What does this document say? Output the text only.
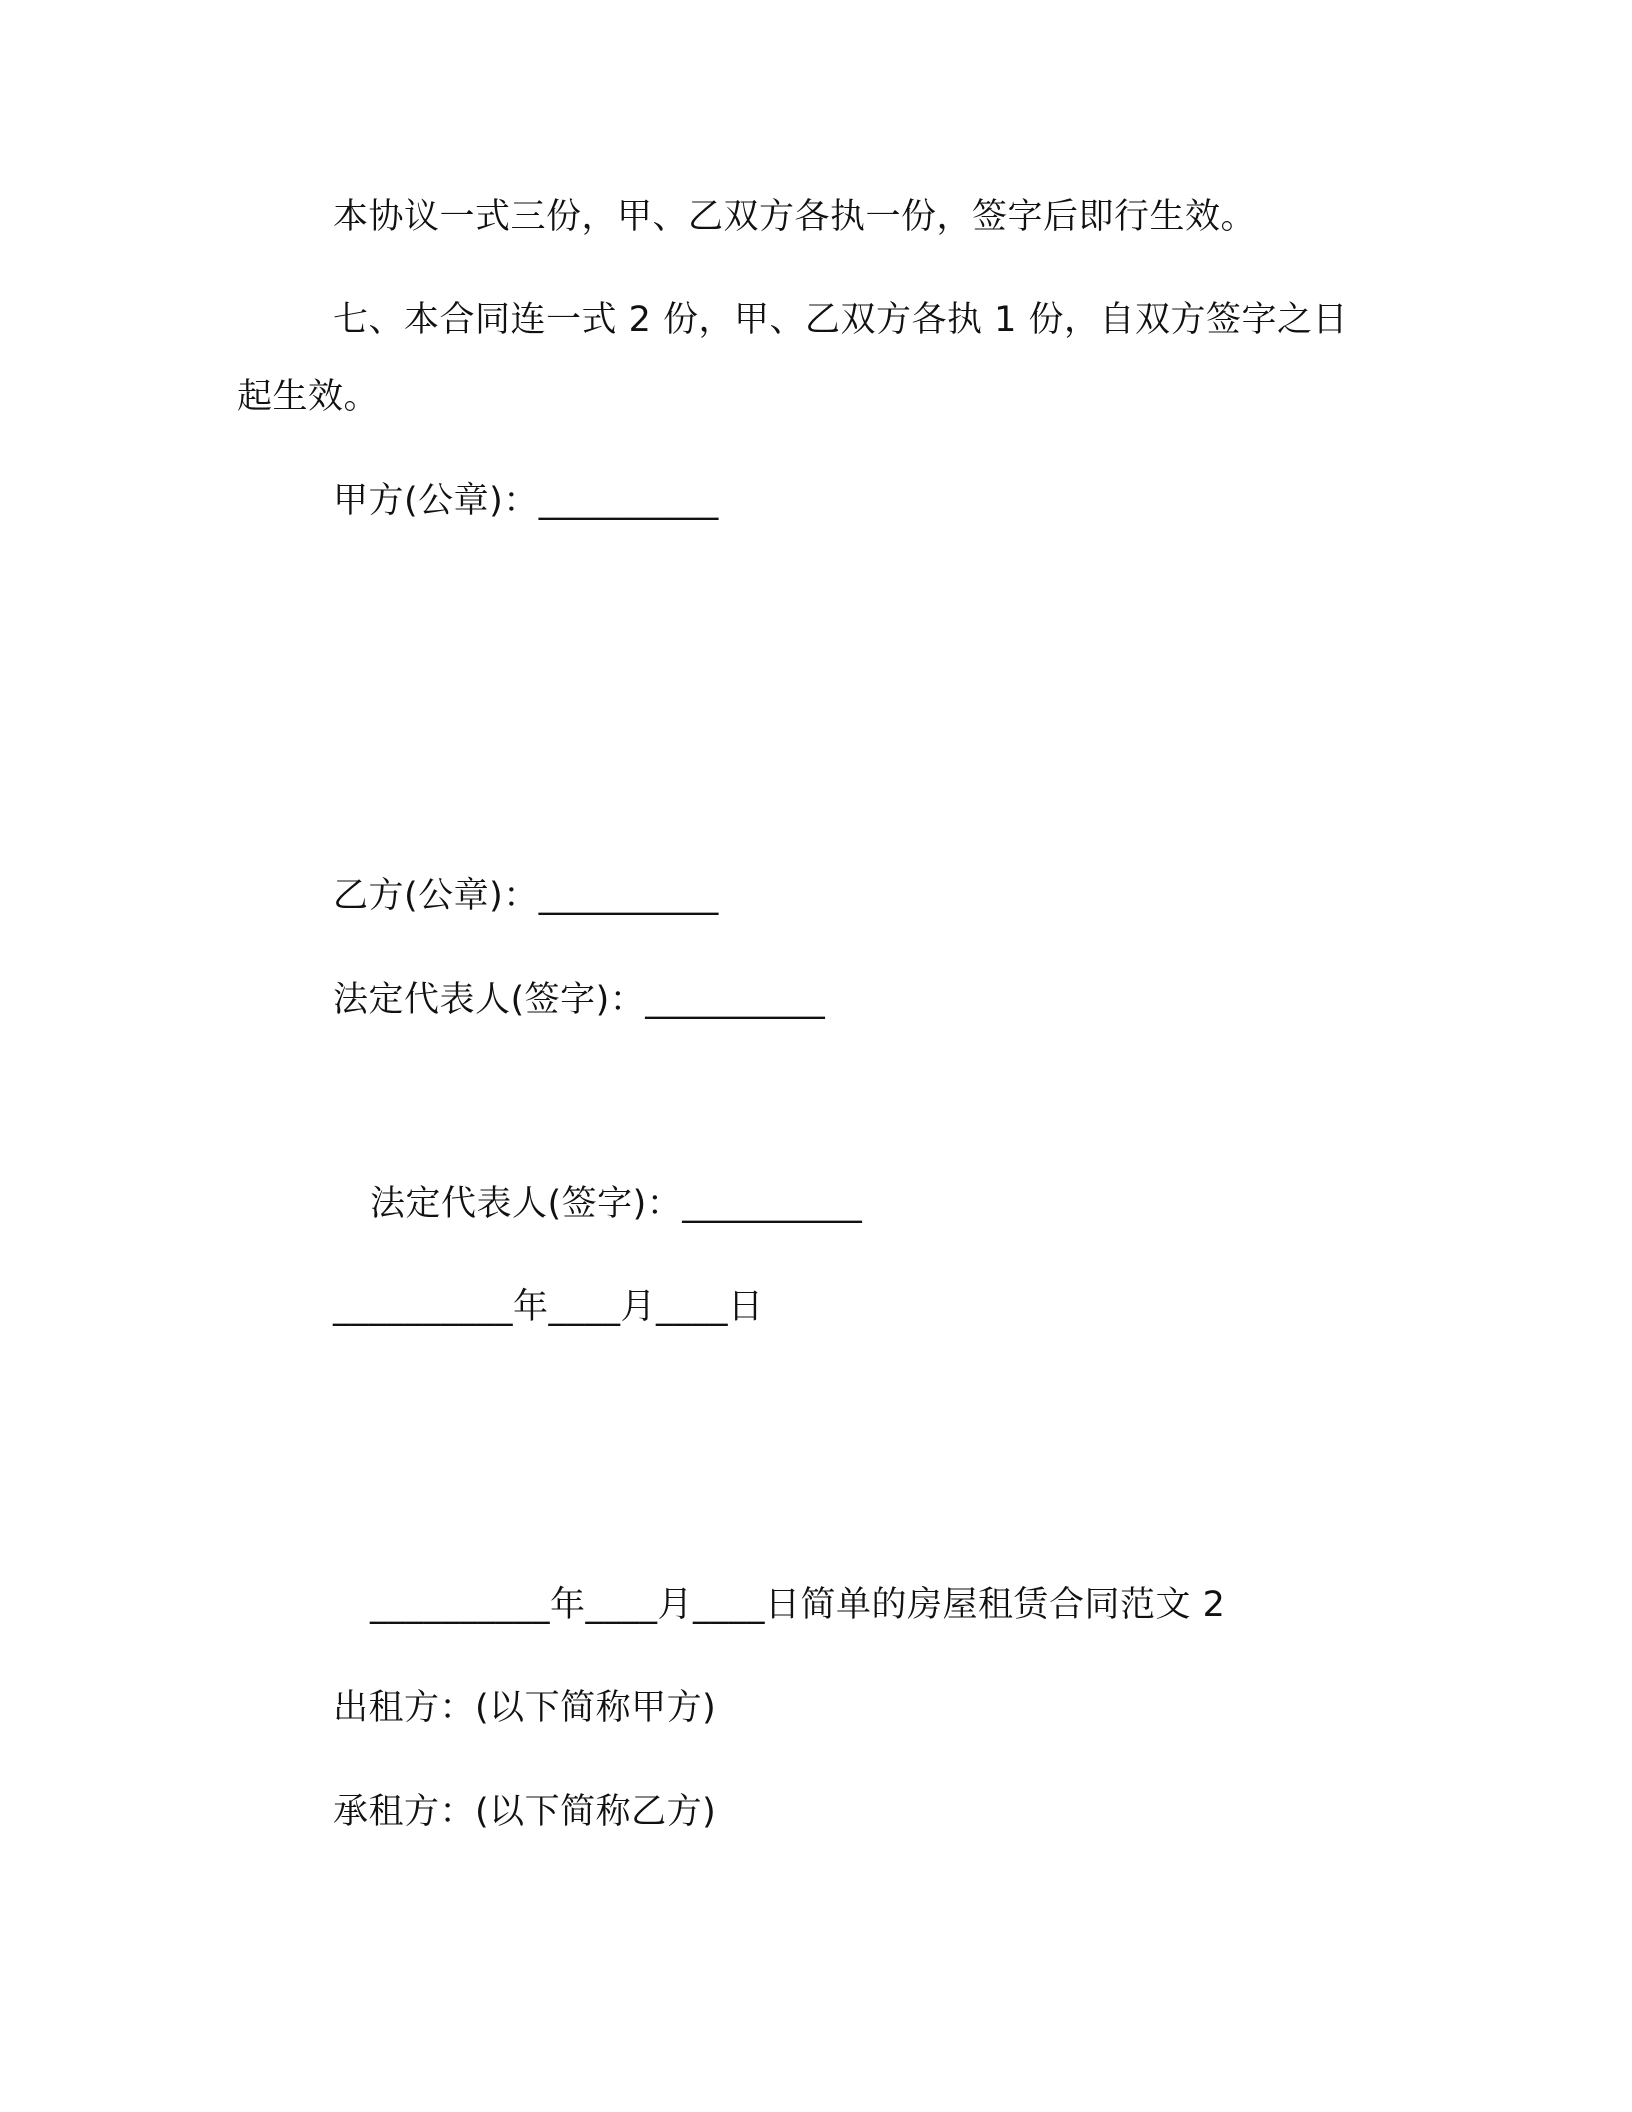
本协议一式三份，甲、乙双方各执一份，签字后即行生效。

七、本合同连一式 2 份，甲、乙双方各执 1 份，自双方签字之日

起生效。

甲方(公章)：__________

乙方(公章)：__________

法定代表人(签字)：__________

法定代表人(签字)：__________

__________年____月____日

__________年____月____日简单的房屋租赁合同范文 2

出租方：(以下简称甲方)

承租方：(以下简称乙方)
